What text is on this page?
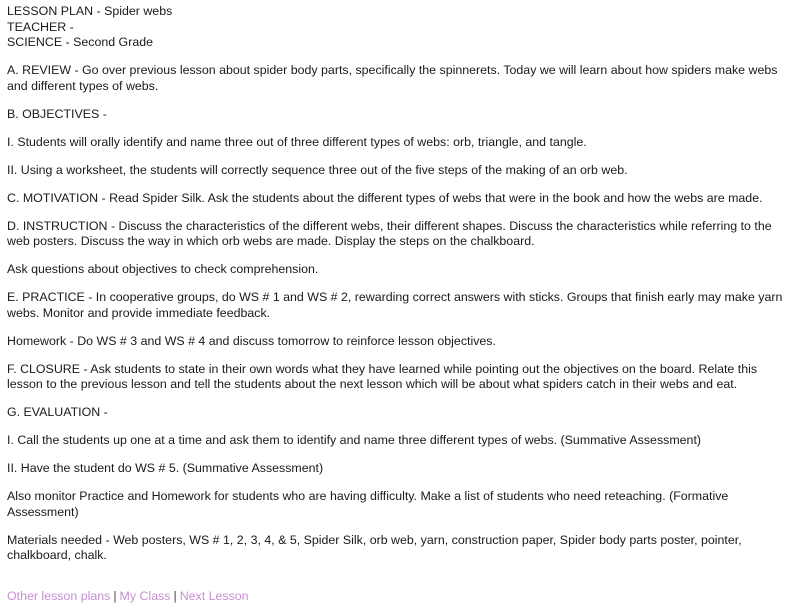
LESSON PLAN - Spider webs
TEACHER -
SCIENCE - Second Grade

A. REVIEW - Go over previous lesson about spider body parts, specifically the spinnerets. Today we will learn about how spiders make webs and different types of webs.

B. OBJECTIVES -

I. Students will orally identify and name three out of three different types of webs: orb, triangle, and tangle.

II. Using a worksheet, the students will correctly sequence three out of the five steps of the making of an orb web.

C. MOTIVATION - Read Spider Silk. Ask the students about the different types of webs that were in the book and how the webs are made.

D. INSTRUCTION - Discuss the characteristics of the different webs, their different shapes. Discuss the characteristics while referring to the web posters. Discuss the way in which orb webs are made. Display the steps on the chalkboard.

Ask questions about objectives to check comprehension.

E. PRACTICE - In cooperative groups, do WS # 1 and WS # 2, rewarding correct answers with sticks. Groups that finish early may make yarn webs. Monitor and provide immediate feedback.

Homework - Do WS # 3 and WS # 4 and discuss tomorrow to reinforce lesson objectives.

F. CLOSURE - Ask students to state in their own words what they have learned while pointing out the objectives on the board. Relate this lesson to the previous lesson and tell the students about the next lesson which will be about what spiders catch in their webs and eat.

G. EVALUATION -

I. Call the students up one at a time and ask them to identify and name three different types of webs. (Summative Assessment)

II. Have the student do WS # 5. (Summative Assessment)

Also monitor Practice and Homework for students who are having difficulty. Make a list of students who need reteaching. (Formative Assessment)

Materials needed - Web posters, WS # 1, 2, 3, 4, & 5, Spider Silk, orb web, yarn, construction paper, Spider body parts poster, pointer, chalkboard, chalk.

Other lesson plans | My Class | Next Lesson
